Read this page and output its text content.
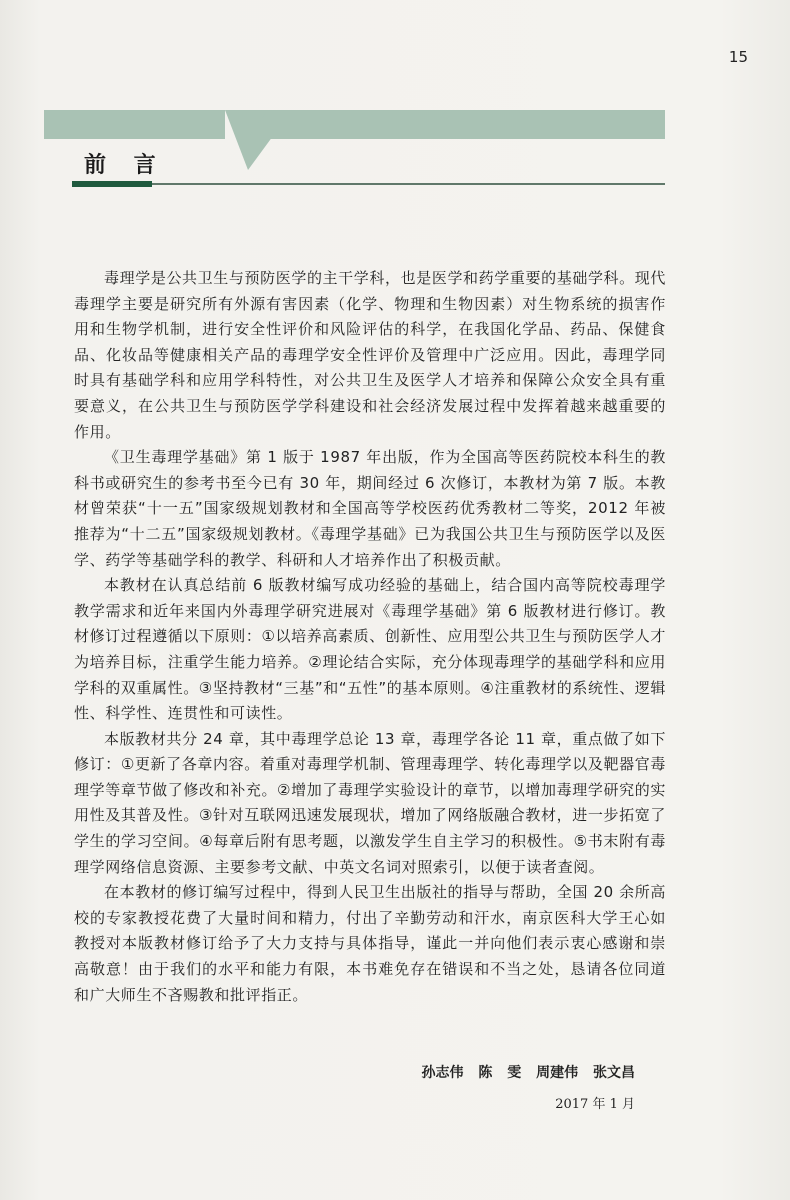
15
前 言

毒理学是公共卫生与预防医学的主干学科，也是医学和药学重要的基础学科。现代毒理学主要是研究所有外源有害因素（化学、物理和生物因素）对生物系统的损害作用和生物学机制，进行安全性评价和风险评估的科学，在我国化学品、药品、保健食品、化妆品等健康相关产品的毒理学安全性评价及管理中广泛应用。因此，毒理学同时具有基础学科和应用学科特性，对公共卫生及医学人才培养和保障公众安全具有重要意义，在公共卫生与预防医学学科建设和社会经济发展过程中发挥着越来越重要的作用。

《卫生毒理学基础》第 1 版于 1987 年出版，作为全国高等医药院校本科生的教科书或研究生的参考书至今已有 30 年，期间经过 6 次修订，本教材为第 7 版。本教材曾荣获“十一五”国家级规划教材和全国高等学校医药优秀教材二等奖，2012 年被推荐为“十二五”国家级规划教材。《毒理学基础》已为我国公共卫生与预防医学以及医学、药学等基础学科的教学、科研和人才培养作出了积极贡献。

本教材在认真总结前 6 版教材编写成功经验的基础上，结合国内高等院校毒理学教学需求和近年来国内外毒理学研究进展对《毒理学基础》第 6 版教材进行修订。教材修订过程遵循以下原则：①以培养高素质、创新性、应用型公共卫生与预防医学人才为培养目标，注重学生能力培养。②理论结合实际，充分体现毒理学的基础学科和应用学科的双重属性。③坚持教材“三基”和“五性”的基本原则。④注重教材的系统性、逻辑性、科学性、连贯性和可读性。

本版教材共分 24 章，其中毒理学总论 13 章，毒理学各论 11 章，重点做了如下修订：①更新了各章内容。着重对毒理学机制、管理毒理学、转化毒理学以及靶器官毒理学等章节做了修改和补充。②增加了毒理学实验设计的章节，以增加毒理学研究的实用性及其普及性。③针对互联网迅速发展现状，增加了网络版融合教材，进一步拓宽了学生的学习空间。④每章后附有思考题，以激发学生自主学习的积极性。⑤书末附有毒理学网络信息资源、主要参考文献、中英文名词对照索引，以便于读者查阅。

在本教材的修订编写过程中，得到人民卫生出版社的指导与帮助，全国 20 余所高校的专家教授花费了大量时间和精力，付出了辛勤劳动和汗水，南京医科大学王心如教授对本版教材修订给予了大力支持与具体指导，谨此一并向他们表示衷心感谢和崇高敬意！由于我们的水平和能力有限，本书难免存在错误和不当之处，恳请各位同道和广大师生不吝赐教和批评指正。

孙志伟 陈 雯 周建伟 张文昌
2017 年 1 月
